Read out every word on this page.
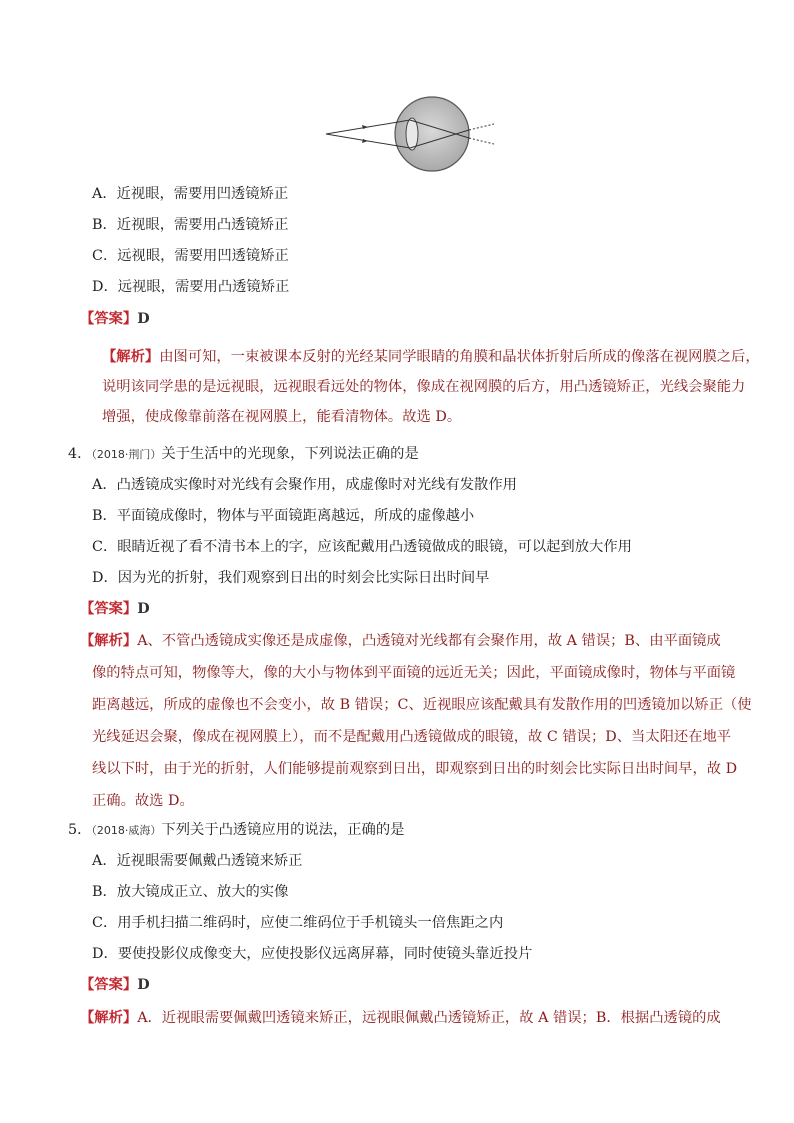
A．近视眼，需要用凹透镜矫正
B．近视眼，需要用凸透镜矫正
C．远视眼，需要用凹透镜矫正
D．远视眼，需要用凸透镜矫正
【答案】D
【解析】由图可知，一束被课本反射的光经某同学眼睛的角膜和晶状体折射后所成的像落在视网膜之后，
说明该同学患的是远视眼，远视眼看远处的物体，像成在视网膜的后方，用凸透镜矫正，光线会聚能力
增强，使成像靠前落在视网膜上，能看清物体。故选 D。
4．（2018·荆门）关于生活中的光现象，下列说法正确的是
A．凸透镜成实像时对光线有会聚作用，成虚像时对光线有发散作用
B．平面镜成像时，物体与平面镜距离越远，所成的虚像越小
C．眼睛近视了看不清书本上的字，应该配戴用凸透镜做成的眼镜，可以起到放大作用
D．因为光的折射，我们观察到日出的时刻会比实际日出时间早
【答案】D
【解析】A、不管凸透镜成实像还是成虚像，凸透镜对光线都有会聚作用，故 A 错误；B、由平面镜成
像的特点可知，物像等大，像的大小与物体到平面镜的远近无关；因此，平面镜成像时，物体与平面镜
距离越远，所成的虚像也不会变小，故 B 错误；C、近视眼应该配戴具有发散作用的凹透镜加以矫正（使
光线延迟会聚，像成在视网膜上），而不是配戴用凸透镜做成的眼镜，故 C 错误；D、当太阳还在地平
线以下时，由于光的折射，人们能够提前观察到日出，即观察到日出的时刻会比实际日出时间早，故 D
正确。故选 D。
5．（2018·威海）下列关于凸透镜应用的说法，正确的是
A．近视眼需要佩戴凸透镜来矫正
B．放大镜成正立、放大的实像
C．用手机扫描二维码时，应使二维码位于手机镜头一倍焦距之内
D．要使投影仪成像变大，应使投影仪远离屏幕，同时使镜头靠近投片
【答案】D
【解析】A．近视眼需要佩戴凹透镜来矫正，远视眼佩戴凸透镜矫正，故 A 错误；B．根据凸透镜的成
